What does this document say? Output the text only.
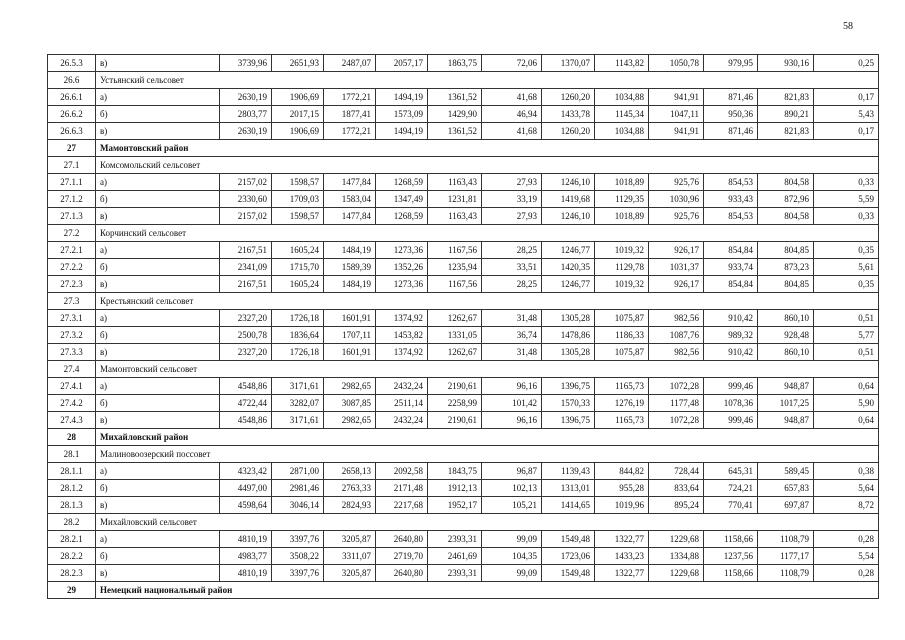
58
26.5.3	в)	3739,96	2651,93	2487,07	2057,17	1863,75	72,06	1370,07	1143,82	1050,78	979,95	930,16	0,25
26.6	Устьянский сельсовет												
26.6.1	а)	2630,19	1906,69	1772,21	1494,19	1361,52	41,68	1260,20	1034,88	941,91	871,46	821,83	0,17
26.6.2	б)	2803,77	2017,15	1877,41	1573,09	1429,90	46,94	1433,78	1145,34	1047,11	950,36	890,21	5,43
26.6.3	в)	2630,19	1906,69	1772,21	1494,19	1361,52	41,68	1260,20	1034,88	941,91	871,46	821,83	0,17
27	Мамонтовский район												
27.1	Комсомольский сельсовет												
27.1.1	а)	2157,02	1598,57	1477,84	1268,59	1163,43	27,93	1246,10	1018,89	925,76	854,53	804,58	0,33
27.1.2	б)	2330,60	1709,03	1583,04	1347,49	1231,81	33,19	1419,68	1129,35	1030,96	933,43	872,96	5,59
27.1.3	в)	2157,02	1598,57	1477,84	1268,59	1163,43	27,93	1246,10	1018,89	925,76	854,53	804,58	0,33
27.2	Корчинский сельсовет												
27.2.1	а)	2167,51	1605,24	1484,19	1273,36	1167,56	28,25	1246,77	1019,32	926,17	854,84	804,85	0,35
27.2.2	б)	2341,09	1715,70	1589,39	1352,26	1235,94	33,51	1420,35	1129,78	1031,37	933,74	873,23	5,61
27.2.3	в)	2167,51	1605,24	1484,19	1273,36	1167,56	28,25	1246,77	1019,32	926,17	854,84	804,85	0,35
27.3	Крестьянский сельсовет												
27.3.1	а)	2327,20	1726,18	1601,91	1374,92	1262,67	31,48	1305,28	1075,87	982,56	910,42	860,10	0,51
27.3.2	б)	2500,78	1836,64	1707,11	1453,82	1331,05	36,74	1478,86	1186,33	1087,76	989,32	928,48	5,77
27.3.3	в)	2327,20	1726,18	1601,91	1374,92	1262,67	31,48	1305,28	1075,87	982,56	910,42	860,10	0,51
27.4	Мамонтовский сельсовет												
27.4.1	а)	4548,86	3171,61	2982,65	2432,24	2190,61	96,16	1396,75	1165,73	1072,28	999,46	948,87	0,64
27.4.2	б)	4722,44	3282,07	3087,85	2511,14	2258,99	101,42	1570,33	1276,19	1177,48	1078,36	1017,25	5,90
27.4.3	в)	4548,86	3171,61	2982,65	2432,24	2190,61	96,16	1396,75	1165,73	1072,28	999,46	948,87	0,64
28	Михайловский район												
28.1	Малиновоозерский поссовет												
28.1.1	а)	4323,42	2871,00	2658,13	2092,58	1843,75	96,87	1139,43	844,82	728,44	645,31	589,45	0,38
28.1.2	б)	4497,00	2981,46	2763,33	2171,48	1912,13	102,13	1313,01	955,28	833,64	724,21	657,83	5,64
28.1.3	в)	4598,64	3046,14	2824,93	2217,68	1952,17	105,21	1414,65	1019,96	895,24	770,41	697,87	8,72
28.2	Михайловский сельсовет												
28.2.1	а)	4810,19	3397,76	3205,87	2640,80	2393,31	99,09	1549,48	1322,77	1229,68	1158,66	1108,79	0,28
28.2.2	б)	4983,77	3508,22	3311,07	2719,70	2461,69	104,35	1723,06	1433,23	1334,88	1237,56	1177,17	5,54
28.2.3	в)	4810,19	3397,76	3205,87	2640,80	2393,31	99,09	1549,48	1322,77	1229,68	1158,66	1108,79	0,28
29	Немецкий национальный район												
